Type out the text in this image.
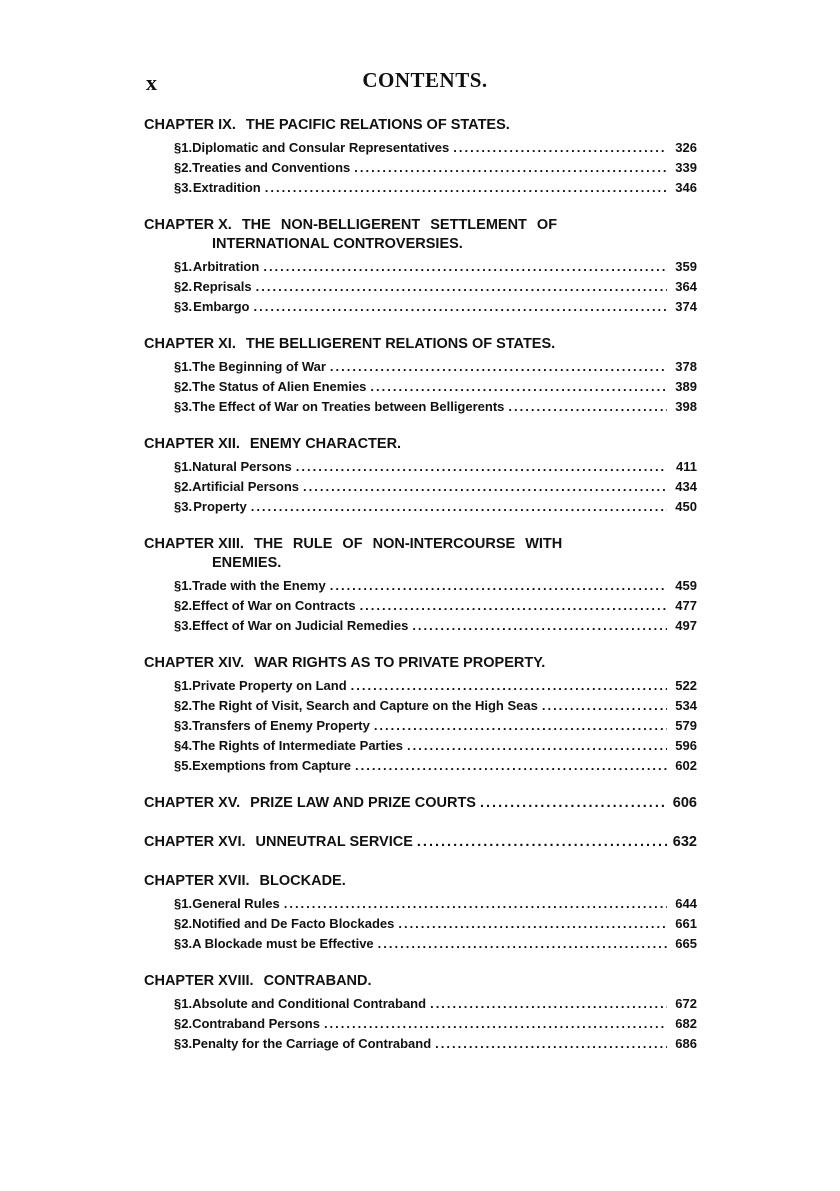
x	CONTENTS.
CHAPTER IX. THE PACIFIC RELATIONS OF STATES.
§ 1. Diplomatic and Consular Representatives .....	326
§ 2. Treaties and Conventions .....	339
§ 3. Extradition .....	346
CHAPTER X. THE NON-BELLIGERENT SETTLEMENT OF
INTERNATIONAL CONTROVERSIES.
§ 1. Arbitration .....	359
§ 2. Reprisals .....	364
§ 3. Embargo .....	374
CHAPTER XI. THE BELLIGERENT RELATIONS OF STATES.
§ 1. The Beginning of War .....	378
§ 2. The Status of Alien Enemies .....	389
§ 3. The Effect of War on Treaties between Belligerents .....	398
CHAPTER XII. ENEMY CHARACTER.
§ 1. Natural Persons .....	411
§ 2. Artificial Persons .....	434
§ 3. Property .....	450
CHAPTER XIII. THE RULE OF NON-INTERCOURSE WITH
ENEMIES.
§ 1. Trade with the Enemy .....	459
§ 2. Effect of War on Contracts .....	477
§ 3. Effect of War on Judicial Remedies .....	497
CHAPTER XIV. WAR RIGHTS AS TO PRIVATE PROPERTY.
§ 1. Private Property on Land .....	522
§ 2. The Right of Visit, Search and Capture on the High Seas .....	534
§ 3. Transfers of Enemy Property .....	579
§ 4. The Rights of Intermediate Parties .....	596
§ 5. Exemptions from Capture .....	602
CHAPTER XV. PRIZE LAW AND PRIZE COURTS .....	606
CHAPTER XVI. UNNEUTRAL SERVICE .....	632
CHAPTER XVII. BLOCKADE.
§ 1. General Rules .....	644
§ 2. Notified and De Facto Blockades .....	661
§ 3. A Blockade must be Effective .....	665
CHAPTER XVIII. CONTRABAND.
§ 1. Absolute and Conditional Contraband .....	672
§ 2. Contraband Persons .....	682
§ 3. Penalty for the Carriage of Contraband .....	686
